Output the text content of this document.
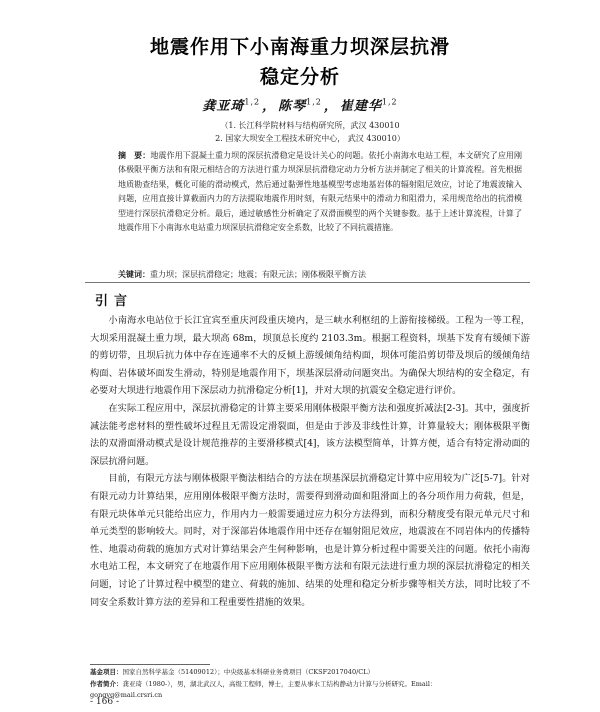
地震作用下小南海重力坝深层抗滑
稳定分析
龚亚琦$^{1,2}$ ， 陈琴$^{1,2}$ ， 崔建华$^{1,2}$
（1. 长江科学院材料与结构研究所，武汉 430010
2. 国家大坝安全工程技术研究中心， 武汉 430010）
摘　要：地震作用下混凝土重力坝的深层抗滑稳定是设计关心的问题。依托小南海水电站工程，本文研究了应用刚体极限平衡方法和有限元相结合的方法进行重力坝深层抗滑稳定动力分析方法并制定了相关的计算流程。首先根据地质勘查结果，概化可能的滑动模式，然后通过黏弹性地基模型考虑地基岩体的辐射阻尼效应，讨论了地震波输入问题，应用直接计算截面内力的方法提取地震作用时刻，有限元结果中的滑动力和阻滑力，采用规范给出的抗滑模型进行深层抗滑稳定分析。最后，通过敏感性分析确定了双滑面模型的两个关键参数。基于上述计算流程，计算了地震作用下小南海水电站重力坝深层抗滑稳定安全系数，比较了不同抗震措施。
关键词：重力坝；深层抗滑稳定；地震；有限元法；刚体极限平衡方法
引言

小南海水电站位于长江宜宾至重庆河段重庆境内，是三峡水利枢纽的上游衔接梯级。工程为一等工程，大坝采用混凝土重力坝，最大坝高 68m，坝顶总长度约 2103.3m。根据工程资料，坝基下发育有缓倾下游的剪切带，且坝后抗力体中存在连通率不大的反倾上游缓倾角结构面，坝体可能沿剪切带及坝后的缓倾角结构面、岩体破坏面发生滑动，特别是地震作用下，坝基深层滑动问题突出。为确保大坝结构的安全稳定，有必要对大坝进行地震作用下深层动力抗滑稳定分析[1]，并对大坝的抗震安全稳定进行评价。

在实际工程应用中，深层抗滑稳定的计算主要采用刚体极限平衡方法和强度折减法[2-3]。其中，强度折减法能考虑材料的塑性破坏过程且无需设定滑裂面，但是由于涉及非线性计算，计算量较大；刚体极限平衡法的双滑面滑动模式是设计规范推荐的主要滑移模式[4]，该方法模型简单，计算方便，适合有特定滑动面的深层抗滑问题。

目前，有限元方法与刚体极限平衡法相结合的方法在坝基深层抗滑稳定计算中应用较为广泛[5-7]。针对有限元动力计算结果，应用刚体极限平衡方法时，需要得到滑动面和阻滑面上的各分项作用力荷载，但是，有限元块体单元只能给出应力，作用内力一般需要通过应力积分方法得到，而积分精度受有限元单元尺寸和单元类型的影响较大。同时，对于深部岩体地震作用中还存在辐射阻尼效应，地震波在不同岩体内的传播特性、地震动荷载的施加方式对计算结果会产生何种影响，也是计算分析过程中需要关注的问题。依托小南海水电站工程，本文研究了在地震作用下应用刚体极限平衡方法和有限元法进行重力坝的深层抗滑稳定的相关问题，讨论了计算过程中模型的建立、荷载的施加、结果的处理和稳定分析步骤等相关方法，同时比较了不同安全系数计算方法的差异和工程重要性措施的效果。

基金项目：国家自然科学基金（51409012）；中央级基本科研业务费项目（CKSF2017040/CL）
作者简介：龚亚琦（1980-），男，湖北武汉人，高级工程师，博士，主要从事水工结构静动力计算与分析研究。Email：
gongyq@mail.crsri.cn
- 166 -
